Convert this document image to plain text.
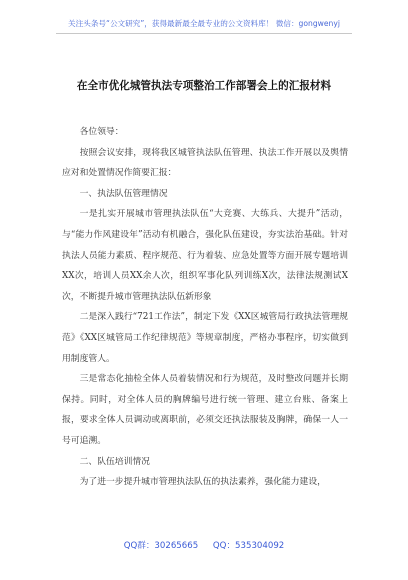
关注头条号“公文研究”，获得最新最全最专业的公文资料库！ 微信：gongwenyj
在全市优化城管执法专项整治工作部署会上的汇报材料

各位领导：

按照会议安排，现将我区城管执法队伍管理、执法工作开展以及舆情应对和处置情况作简要汇报：

一、执法队伍管理情况

一是扎实开展城市管理执法队伍“大竞赛、大练兵、大提升”活动，与“能力作风建设年”活动有机融合，强化队伍建设，夯实法治基础。针对执法人员能力素质、程序规范、行为着装、应急处置等方面开展专题培训XX次，培训人员XX余人次，组织军事化队列训练X次，法律法规测试X次，不断提升城市管理执法队伍新形象

二是深入践行“721工作法”，制定下发《XX区城管局行政执法管理规范》《XX区城管局工作纪律规范》等规章制度，严格办事程序，切实做到用制度管人。

三是常态化抽检全体人员着装情况和行为规范，及时整改问题并长期保持。同时，对全体人员的胸牌编号进行统一管理、建立台账、备案上报，要求全体人员调动或离职前，必须交还执法服装及胸牌，确保一人一号可追溯。

二、队伍培训情况

为了进一步提升城市管理执法队伍的执法素养，强化能力建设，

QQ群：30265665 QQ：535304092
